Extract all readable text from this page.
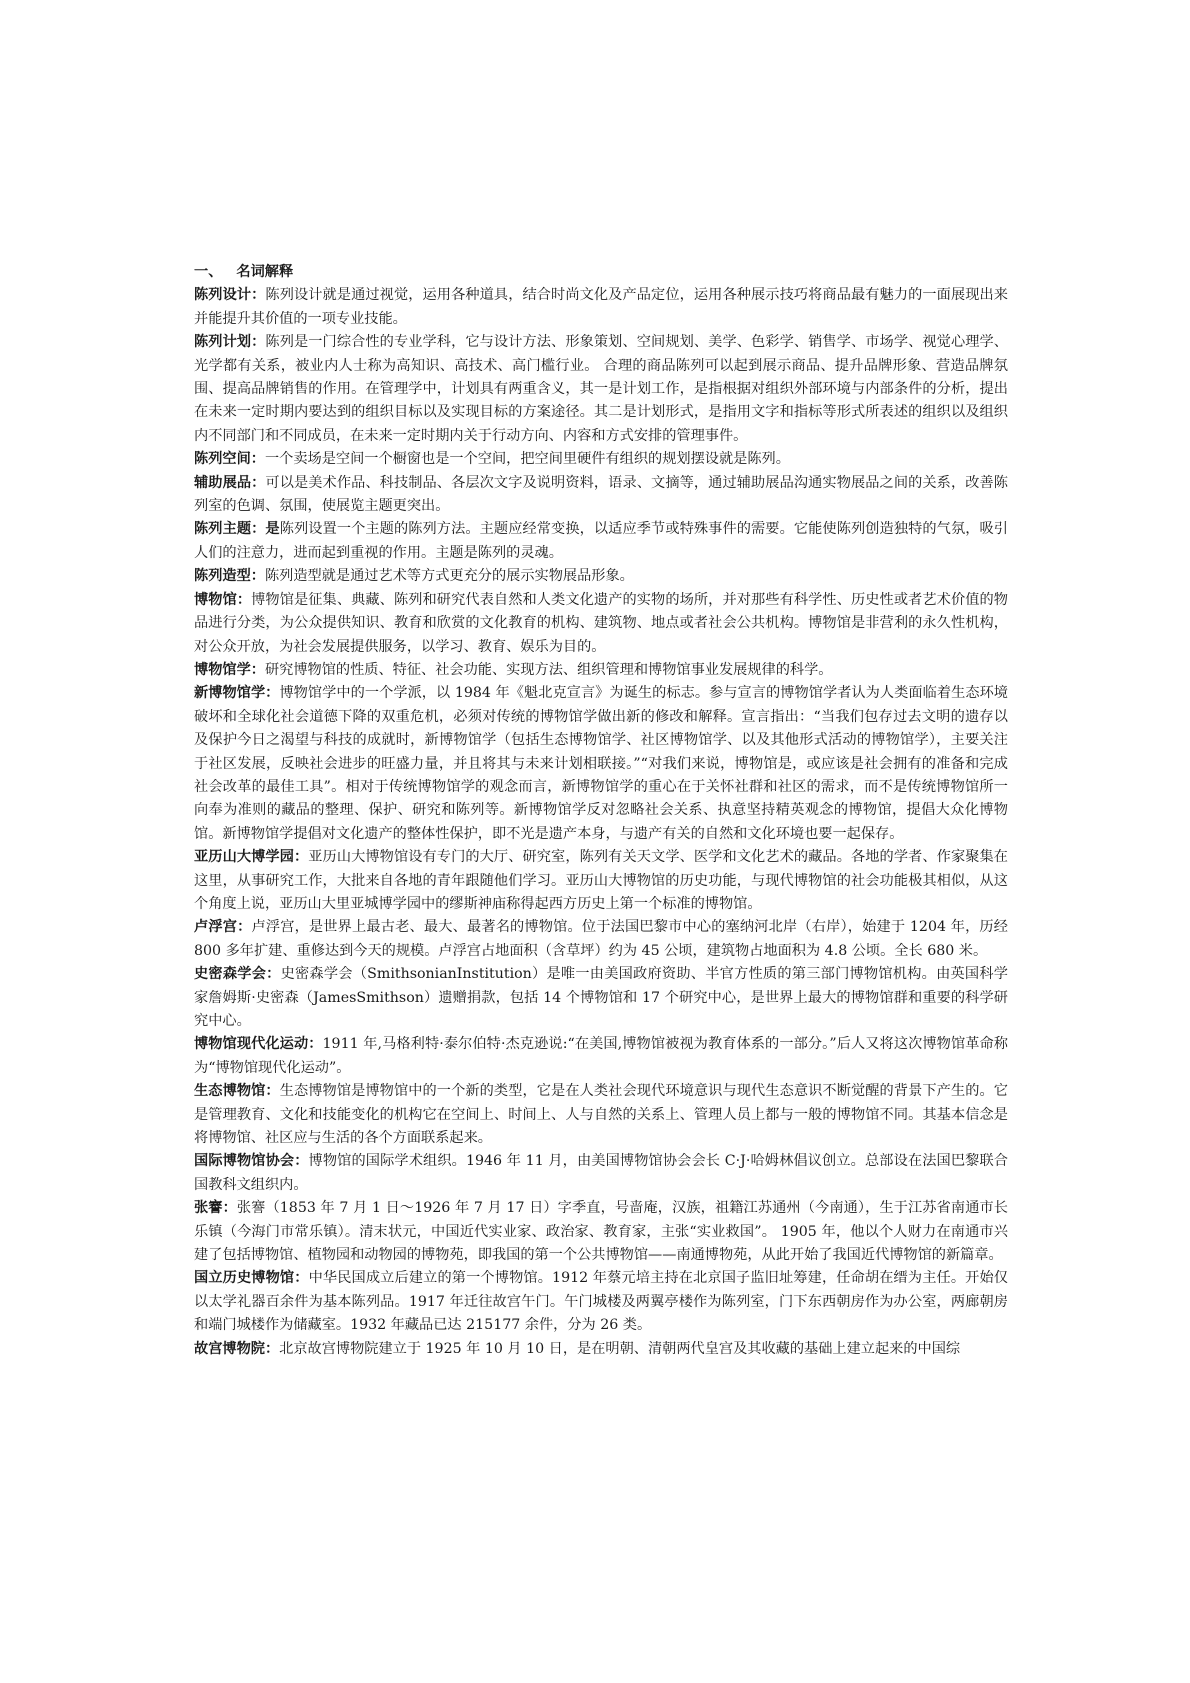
一、 名词解释

陈列设计：陈列设计就是通过视觉，运用各种道具，结合时尚文化及产品定位，运用各种展示技巧将商品最有魅力的一面展现出来并能提升其价值的一项专业技能。

陈列计划：陈列是一门综合性的专业学科，它与设计方法、形象策划、空间规划、美学、色彩学、销售学、市场学、视觉心理学、光学都有关系，被业内人士称为高知识、高技术、高门槛行业。 合理的商品陈列可以起到展示商品、提升品牌形象、营造品牌氛围、提高品牌销售的作用。在管理学中，计划具有两重含义，其一是计划工作，是指根据对组织外部环境与内部条件的分析，提出在未来一定时期内要达到的组织目标以及实现目标的方案途径。其二是计划形式，是指用文字和指标等形式所表述的组织以及组织内不同部门和不同成员，在未来一定时期内关于行动方向、内容和方式安排的管理事件。

陈列空间：一个卖场是空间一个橱窗也是一个空间，把空间里硬件有组织的规划摆设就是陈列。

辅助展品：可以是美术作品、科技制品、各层次文字及说明资料，语录、文摘等，通过辅助展品沟通实物展品之间的关系，改善陈列室的色调、氛围，使展览主题更突出。

陈列主题：是陈列设置一个主题的陈列方法。主题应经常变换，以适应季节或特殊事件的需要。它能使陈列创造独特的气氛，吸引人们的注意力，进而起到重视的作用。主题是陈列的灵魂。

陈列造型：陈列造型就是通过艺术等方式更充分的展示实物展品形象。

博物馆：博物馆是征集、典藏、陈列和研究代表自然和人类文化遗产的实物的场所，并对那些有科学性、历史性或者艺术价值的物品进行分类，为公众提供知识、教育和欣赏的文化教育的机构、建筑物、地点或者社会公共机构。博物馆是非营利的永久性机构，对公众开放，为社会发展提供服务，以学习、教育、娱乐为目的。

博物馆学：研究博物馆的性质、特征、社会功能、实现方法、组织管理和博物馆事业发展规律的科学。

新博物馆学：博物馆学中的一个学派，以 1984 年《魁北克宣言》为诞生的标志。参与宣言的博物馆学者认为人类面临着生态环境破坏和全球化社会道德下降的双重危机，必须对传统的博物馆学做出新的修改和解释。宣言指出：“当我们包存过去文明的遗存以及保护今日之渴望与科技的成就时，新博物馆学（包括生态博物馆学、社区博物馆学、以及其他形式活动的博物馆学），主要关注于社区发展，反映社会进步的旺盛力量，并且将其与未来计划相联接。”“对我们来说，博物馆是，或应该是社会拥有的准备和完成社会改革的最佳工具”。相对于传统博物馆学的观念而言，新博物馆学的重心在于关怀社群和社区的需求，而不是传统博物馆所一向奉为准则的藏品的整理、保护、研究和陈列等。新博物馆学反对忽略社会关系、执意坚持精英观念的博物馆，提倡大众化博物馆。新博物馆学提倡对文化遗产的整体性保护，即不光是遗产本身，与遗产有关的自然和文化环境也要一起保存。

亚历山大博学园：亚历山大博物馆设有专门的大厅、研究室，陈列有关天文学、医学和文化艺术的藏品。各地的学者、作家聚集在这里，从事研究工作，大批来自各地的青年跟随他们学习。亚历山大博物馆的历史功能，与现代博物馆的社会功能极其相似，从这个角度上说，亚历山大里亚城博学园中的缪斯神庙称得起西方历史上第一个标准的博物馆。

卢浮宫：卢浮宫，是世界上最古老、最大、最著名的博物馆。位于法国巴黎市中心的塞纳河北岸（右岸），始建于 1204 年，历经 800 多年扩建、重修达到今天的规模。卢浮宫占地面积（含草坪）约为 45 公顷，建筑物占地面积为 4.8 公顷。全长 680 米。

史密森学会：史密森学会（SmithsonianInstitution）是唯一由美国政府资助、半官方性质的第三部门博物馆机构。由英国科学家詹姆斯·史密森（JamesSmithson）遗赠捐款，包括 14 个博物馆和 17 个研究中心，是世界上最大的博物馆群和重要的科学研究中心。

博物馆现代化运动：1911 年,马格利特·泰尔伯特·杰克逊说:“在美国,博物馆被视为教育体系的一部分。”后人又将这次博物馆革命称为“博物馆现代化运动”。

生态博物馆：生态博物馆是博物馆中的一个新的类型，它是在人类社会现代环境意识与现代生态意识不断觉醒的背景下产生的。它是管理教育、文化和技能变化的机构它在空间上、时间上、人与自然的关系上、管理人员上都与一般的博物馆不同。其基本信念是将博物馆、社区应与生活的各个方面联系起来。

国际博物馆协会：博物馆的国际学术组织。1946 年 11 月，由美国博物馆协会会长 C·J·哈姆林倡议创立。总部设在法国巴黎联合国教科文组织内。

张謇：张謇（1853 年 7 月 1 日～1926 年 7 月 17 日）字季直，号啬庵，汉族，祖籍江苏通州（今南通），生于江苏省南通市长乐镇（今海门市常乐镇）。清末状元，中国近代实业家、政治家、教育家，主张“实业救国”。 1905 年，他以个人财力在南通市兴建了包括博物馆、植物园和动物园的博物苑，即我国的第一个公共博物馆——南通博物苑，从此开始了我国近代博物馆的新篇章。

国立历史博物馆：中华民国成立后建立的第一个博物馆。1912 年蔡元培主持在北京国子监旧址筹建，任命胡在缙为主任。开始仅以太学礼器百余件为基本陈列品。1917 年迁往故宫午门。午门城楼及两翼亭楼作为陈列室，门下东西朝房作为办公室，两廊朝房和端门城楼作为储藏室。1932 年藏品已达 215177 余件，分为 26 类。

故宫博物院：北京故宫博物院建立于 1925 年 10 月 10 日，是在明朝、清朝两代皇宫及其收藏的基础上建立起来的中国综
